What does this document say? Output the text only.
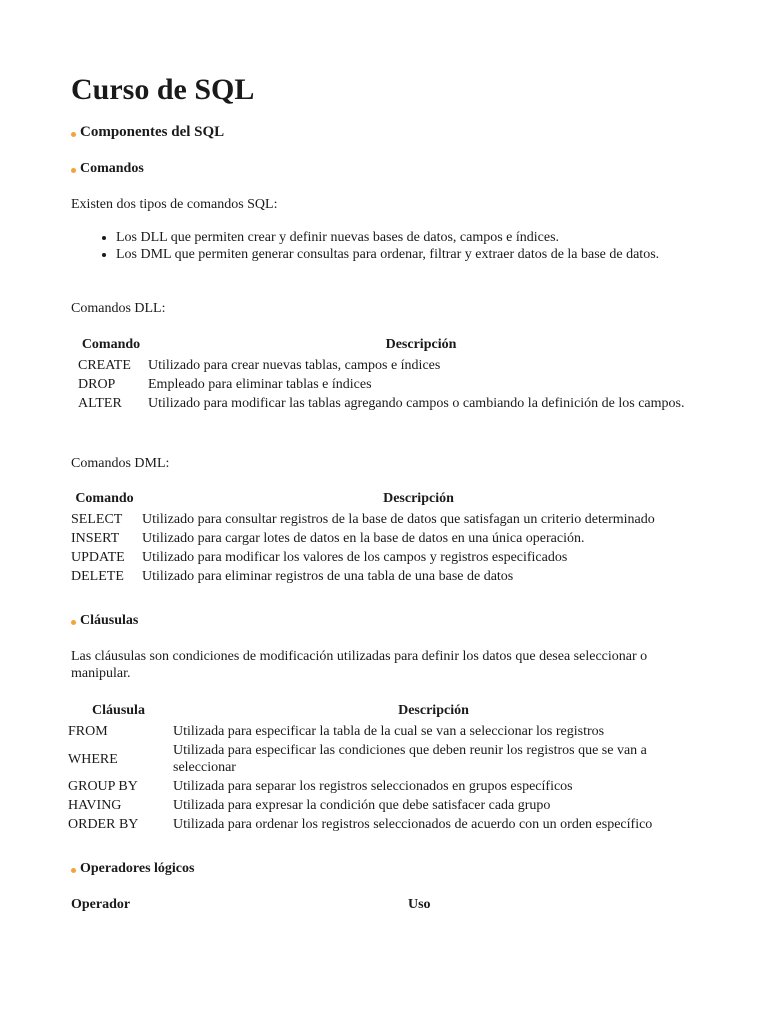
Curso de SQL
Componentes del SQL
Comandos

Existen dos tipos de comandos SQL:

• Los DLL que permiten crear y definir nuevas bases de datos, campos e índices.
• Los DML que permiten generar consultas para ordenar, filtrar y extraer datos de la base de datos.

Comandos DLL:

Comando	Descripción
CREATE	Utilizado para crear nuevas tablas, campos e índices
DROP	Empleado para eliminar tablas e índices
ALTER	Utilizado para modificar las tablas agregando campos o cambiando la definición de los campos.

Comandos DML:

Comando	Descripción
SELECT	Utilizado para consultar registros de la base de datos que satisfagan un criterio determinado
INSERT	Utilizado para cargar lotes de datos en la base de datos en una única operación.
UPDATE	Utilizado para modificar los valores de los campos y registros especificados
DELETE	Utilizado para eliminar registros de una tabla de una base de datos
Cláusulas

Las cláusulas son condiciones de modificación utilizadas para definir los datos que desea seleccionar o manipular.

Cláusula	Descripción
FROM	Utilizada para especificar la tabla de la cual se van a seleccionar los registros
WHERE	Utilizada para especificar las condiciones que deben reunir los registros que se van a seleccionar
GROUP BY	Utilizada para separar los registros seleccionados en grupos específicos
HAVING	Utilizada para expresar la condición que debe satisfacer cada grupo
ORDER BY	Utilizada para ordenar los registros seleccionados de acuerdo con un orden específico
Operadores lógicos

Operador	Uso
